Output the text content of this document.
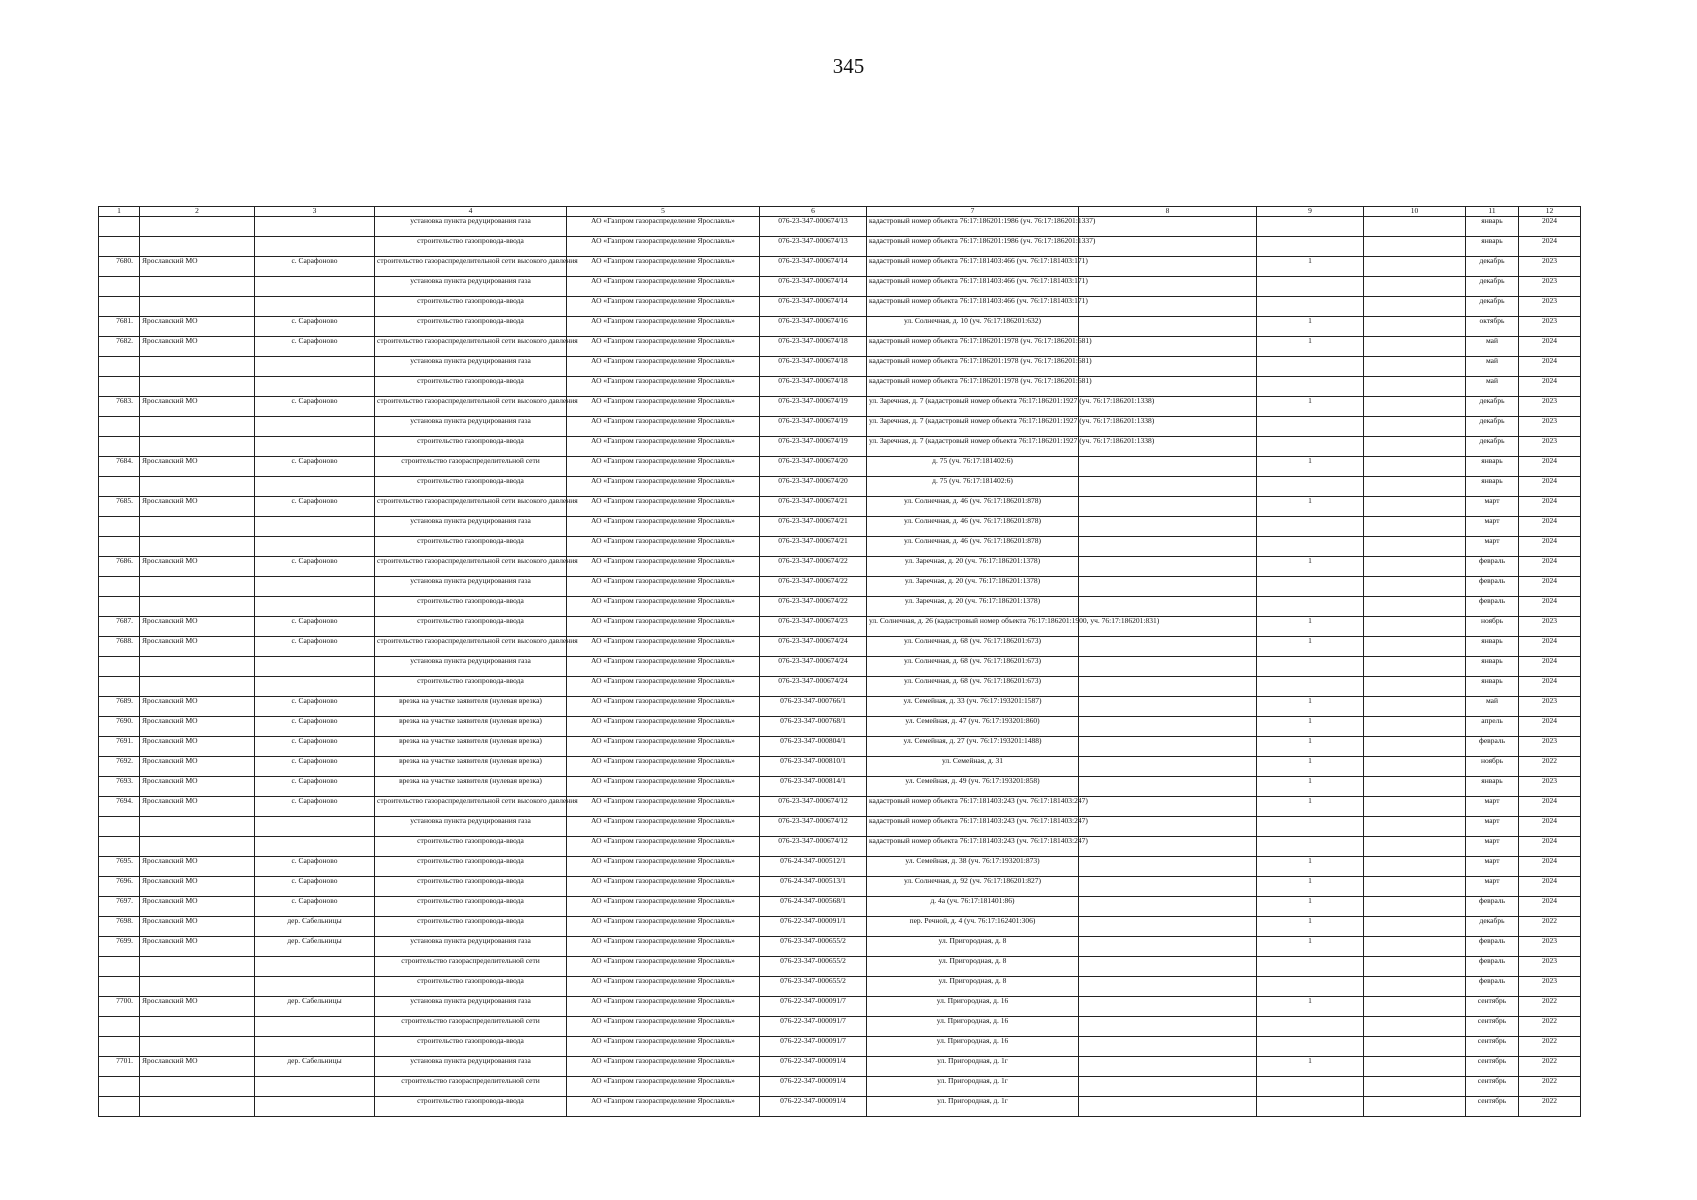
345
1	2	3	4	5	6	7	8	9	10	11	12
			установка пункта редуцирования газа	АО «Газпром газораспределение Ярославль»	076-23-347-000674/13	кадастровый номер объекта 76:17:186201:1986 (уч. 76:17:186201:1337)				январь	2024
			строительство газопровода-ввода	АО «Газпром газораспределение Ярославль»	076-23-347-000674/13	кадастровый номер объекта 76:17:186201:1986 (уч. 76:17:186201:1337)				январь	2024
7680.	Ярославский МО	с. Сарафоново	строительство газораспределительной сети высокого давления	АО «Газпром газораспределение Ярославль»	076-23-347-000674/14	кадастровый номер объекта 76:17:181403:466 (уч. 76:17:181403:171)		1		декабрь	2023
			установка пункта редуцирования газа	АО «Газпром газораспределение Ярославль»	076-23-347-000674/14	кадастровый номер объекта 76:17:181403:466 (уч. 76:17:181403:171)				декабрь	2023
			строительство газопровода-ввода	АО «Газпром газораспределение Ярославль»	076-23-347-000674/14	кадастровый номер объекта 76:17:181403:466 (уч. 76:17:181403:171)				декабрь	2023
7681.	Ярославский МО	с. Сарафоново	строительство газопровода-ввода	АО «Газпром газораспределение Ярославль»	076-23-347-000674/16	ул. Солнечная, д. 10 (уч. 76:17:186201:632)		1		октябрь	2023
7682.	Ярославский МО	с. Сарафоново	строительство газораспределительной сети высокого давления	АО «Газпром газораспределение Ярославль»	076-23-347-000674/18	кадастровый номер объекта 76:17:186201:1978 (уч. 76:17:186201:681)		1		май	2024
			установка пункта редуцирования газа	АО «Газпром газораспределение Ярославль»	076-23-347-000674/18	кадастровый номер объекта 76:17:186201:1978 (уч. 76:17:186201:681)				май	2024
			строительство газопровода-ввода	АО «Газпром газораспределение Ярославль»	076-23-347-000674/18	кадастровый номер объекта 76:17:186201:1978 (уч. 76:17:186201:681)				май	2024
7683.	Ярославский МО	с. Сарафоново	строительство газораспределительной сети высокого давления	АО «Газпром газораспределение Ярославль»	076-23-347-000674/19	ул. Заречная, д. 7 (кадастровый номер объекта 76:17:186201:1927 (уч. 76:17:186201:1338)		1		декабрь	2023
			установка пункта редуцирования газа	АО «Газпром газораспределение Ярославль»	076-23-347-000674/19	ул. Заречная, д. 7 (кадастровый номер объекта 76:17:186201:1927 (уч. 76:17:186201:1338)				декабрь	2023
			строительство газопровода-ввода	АО «Газпром газораспределение Ярославль»	076-23-347-000674/19	ул. Заречная, д. 7 (кадастровый номер объекта 76:17:186201:1927 (уч. 76:17:186201:1338)				декабрь	2023
7684.	Ярославский МО	с. Сарафоново	строительство газораспределительной сети	АО «Газпром газораспределение Ярославль»	076-23-347-000674/20	д. 75 (уч. 76:17:181402:6)		1		январь	2024
			строительство газопровода-ввода	АО «Газпром газораспределение Ярославль»	076-23-347-000674/20	д. 75 (уч. 76:17:181402:6)				январь	2024
7685.	Ярославский МО	с. Сарафоново	строительство газораспределительной сети высокого давления	АО «Газпром газораспределение Ярославль»	076-23-347-000674/21	ул. Солнечная, д. 46 (уч. 76:17:186201:878)		1		март	2024
			установка пункта редуцирования газа	АО «Газпром газораспределение Ярославль»	076-23-347-000674/21	ул. Солнечная, д. 46 (уч. 76:17:186201:878)				март	2024
			строительство газопровода-ввода	АО «Газпром газораспределение Ярославль»	076-23-347-000674/21	ул. Солнечная, д. 46 (уч. 76:17:186201:878)				март	2024
7686.	Ярославский МО	с. Сарафоново	строительство газораспределительной сети высокого давления	АО «Газпром газораспределение Ярославль»	076-23-347-000674/22	ул. Заречная, д. 20 (уч. 76:17:186201:1378)		1		февраль	2024
			установка пункта редуцирования газа	АО «Газпром газораспределение Ярославль»	076-23-347-000674/22	ул. Заречная, д. 20 (уч. 76:17:186201:1378)				февраль	2024
			строительство газопровода-ввода	АО «Газпром газораспределение Ярославль»	076-23-347-000674/22	ул. Заречная, д. 20 (уч. 76:17:186201:1378)				февраль	2024
7687.	Ярославский МО	с. Сарафоново	строительство газопровода-ввода	АО «Газпром газораспределение Ярославль»	076-23-347-000674/23	ул. Солнечная, д. 26 (кадастровый номер объекта 76:17:186201:1900, уч. 76:17:186201:831)		1		ноябрь	2023
7688.	Ярославский МО	с. Сарафоново	строительство газораспределительной сети высокого давления	АО «Газпром газораспределение Ярославль»	076-23-347-000674/24	ул. Солнечная, д. 68 (уч. 76:17:186201:673)		1		январь	2024
			установка пункта редуцирования газа	АО «Газпром газораспределение Ярославль»	076-23-347-000674/24	ул. Солнечная, д. 68 (уч. 76:17:186201:673)				январь	2024
			строительство газопровода-ввода	АО «Газпром газораспределение Ярославль»	076-23-347-000674/24	ул. Солнечная, д. 68 (уч. 76:17:186201:673)				январь	2024
7689.	Ярославский МО	с. Сарафоново	врезка на участке заявителя (нулевая врезка)	АО «Газпром газораспределение Ярославль»	076-23-347-000766/1	ул. Семейная, д. 33 (уч. 76:17:193201:1587)		1		май	2023
7690.	Ярославский МО	с. Сарафоново	врезка на участке заявителя (нулевая врезка)	АО «Газпром газораспределение Ярославль»	076-23-347-000768/1	ул. Семейная, д. 47 (уч. 76:17:193201:860)		1		апрель	2024
7691.	Ярославский МО	с. Сарафоново	врезка на участке заявителя (нулевая врезка)	АО «Газпром газораспределение Ярославль»	076-23-347-000804/1	ул. Семейная, д. 27 (уч. 76:17:193201:1488)		1		февраль	2023
7692.	Ярославский МО	с. Сарафоново	врезка на участке заявителя (нулевая врезка)	АО «Газпром газораспределение Ярославль»	076-23-347-000810/1	ул. Семейная, д. 31		1		ноябрь	2022
7693.	Ярославский МО	с. Сарафоново	врезка на участке заявителя (нулевая врезка)	АО «Газпром газораспределение Ярославль»	076-23-347-000814/1	ул. Семейная, д. 49 (уч. 76:17:193201:858)		1		январь	2023
7694.	Ярославский МО	с. Сарафоново	строительство газораспределительной сети высокого давления	АО «Газпром газораспределение Ярославль»	076-23-347-000674/12	кадастровый номер объекта 76:17:181403:243 (уч. 76:17:181403:247)		1		март	2024
			установка пункта редуцирования газа	АО «Газпром газораспределение Ярославль»	076-23-347-000674/12	кадастровый номер объекта 76:17:181403:243 (уч. 76:17:181403:247)				март	2024
			строительство газопровода-ввода	АО «Газпром газораспределение Ярославль»	076-23-347-000674/12	кадастровый номер объекта 76:17:181403:243 (уч. 76:17:181403:247)				март	2024
7695.	Ярославский МО	с. Сарафоново	строительство газопровода-ввода	АО «Газпром газораспределение Ярославль»	076-24-347-000512/1	ул. Семейная, д. 38 (уч. 76:17:193201:873)		1		март	2024
7696.	Ярославский МО	с. Сарафоново	строительство газопровода-ввода	АО «Газпром газораспределение Ярославль»	076-24-347-000513/1	ул. Солнечная, д. 92 (уч. 76:17:186201:827)		1		март	2024
7697.	Ярославский МО	с. Сарафоново	строительство газопровода-ввода	АО «Газпром газораспределение Ярославль»	076-24-347-000568/1	д. 4а (уч. 76:17:181401:86)		1		февраль	2024
7698.	Ярославский МО	дер. Сабельницы	строительство газопровода-ввода	АО «Газпром газораспределение Ярославль»	076-22-347-000091/1	пер. Речной, д. 4 (уч. 76:17:162401:306)		1		декабрь	2022
7699.	Ярославский МО	дер. Сабельницы	установка пункта редуцирования газа	АО «Газпром газораспределение Ярославль»	076-23-347-000655/2	ул. Пригородная, д. 8		1		февраль	2023
			строительство газораспределительной сети	АО «Газпром газораспределение Ярославль»	076-23-347-000655/2	ул. Пригородная, д. 8				февраль	2023
			строительство газопровода-ввода	АО «Газпром газораспределение Ярославль»	076-23-347-000655/2	ул. Пригородная, д. 8				февраль	2023
7700.	Ярославский МО	дер. Сабельницы	установка пункта редуцирования газа	АО «Газпром газораспределение Ярославль»	076-22-347-000091/7	ул. Пригородная, д. 16		1		сентябрь	2022
			строительство газораспределительной сети	АО «Газпром газораспределение Ярославль»	076-22-347-000091/7	ул. Пригородная, д. 16				сентябрь	2022
			строительство газопровода-ввода	АО «Газпром газораспределение Ярославль»	076-22-347-000091/7	ул. Пригородная, д. 16				сентябрь	2022
7701.	Ярославский МО	дер. Сабельницы	установка пункта редуцирования газа	АО «Газпром газораспределение Ярославль»	076-22-347-000091/4	ул. Пригородная, д. 1г		1		сентябрь	2022
			строительство газораспределительной сети	АО «Газпром газораспределение Ярославль»	076-22-347-000091/4	ул. Пригородная, д. 1г				сентябрь	2022
			строительство газопровода-ввода	АО «Газпром газораспределение Ярославль»	076-22-347-000091/4	ул. Пригородная, д. 1г				сентябрь	2022
